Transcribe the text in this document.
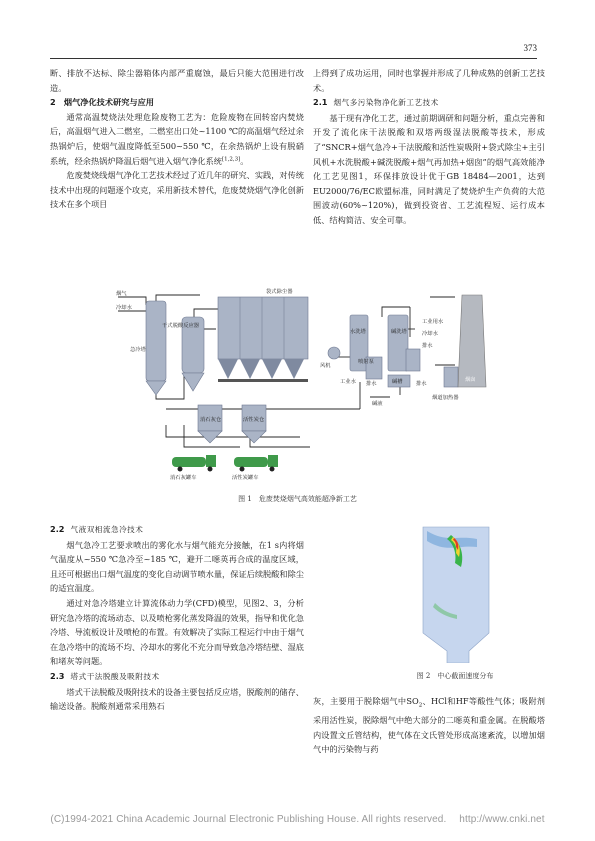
373

断、排放不达标、除尘器箱体内部严重腐蚀，最后只能大范围进行改造。

2　烟气净化技术研究与应用

通常高温焚烧法处理危险废物工艺为：危险废物在回转窑内焚烧后，高温烟气进入二燃室，二燃室出口处~1100 ℃的高温烟气经过余热锅炉后，使烟气温度降低至500~550 ℃，在余热锅炉上设有脱硝系统，经余热锅炉降温后烟气进入烟气净化系统[1,2,3]。

危废焚烧线烟气净化工艺技术经过了近几年的研究、实践，对传统技术中出现的问题逐个攻克，采用新技术替代，危废焚烧烟气净化创新技术在多个项目

上得到了成功运用，同时也掌握并形成了几种成熟的创新工艺技术。

2.1 烟气多污染物净化新工艺技术

基于现有净化工艺，通过前期调研和问题分析，重点完善和开发了流化床干法脱酸和双塔两级湿法脱酸等技术，形成了“SNCR+烟气急冷+干法脱酸和活性炭吸附+袋式除尘+主引风机+水洗脱酸+碱洗脱酸+烟气再加热+烟囱”的烟气高效能净化工艺见图1，环保排放设计优于GB 18484—2001，达到EU2000/76/EC欧盟标准，同时满足了焚烧炉生产负荷的大范围波动(60%~120%)，做到投资省、工艺流程短、运行成本低、结构简洁、安全可靠。

烟气
冷却水
急冷塔
干式脱酸反应器
袋式除尘器
消石灰仓	活性炭仓
消石灰罐车	活性炭罐车
风机
水洗塔
喷射泵
碱洗塔
工业用水
冷却水
排水
排水	碱槽
碱液
工业水	排水
烟道加热器
烟囱
图 1　危废焚烧烟气高效能超净新工艺

2.2 气液双相流急冷技术

烟气急冷工艺要求喷出的雾化水与烟气能充分接触，在1 s内将烟气温度从~550 ℃急冷至~185 ℃，避开二噁英再合成的温度区域，且还可根据出口烟气温度的变化自动调节喷水量，保证后续脱酸和除尘的适宜温度。

通过对急冷塔建立计算流体动力学(CFD)模型，见图2、3，分析研究急冷塔的流场动态、以及喷枪雾化蒸发降温的效果，指导和优化急冷塔、导流板设计及喷枪的布置。有效解决了实际工程运行中由于烟气在急冷塔中的流场不均、冷却水的雾化不充分而导致急冷塔结壁、湿底和堵灰等问题。

2.3 塔式干法脱酸及吸附技术

塔式干法脱酸及吸附技术的设备主要包括反应塔，脱酸剂的储存、输送设备。脱酸剂通常采用熟石

图 2　中心截面速度分布

灰，主要用于脱除烟气中$SO_2$、HCl和HF等酸性气体；吸附剂采用活性炭，脱除烟气中绝大部分的二噁英和重金属。在脱酸塔内设置文丘管结构，使气体在文氏管处形成高速紊流，以增加烟气中的污染物与药

(C)1994-2021 China Academic Journal Electronic Publishing House. All rights reserved.　 http://www.cnki.net
